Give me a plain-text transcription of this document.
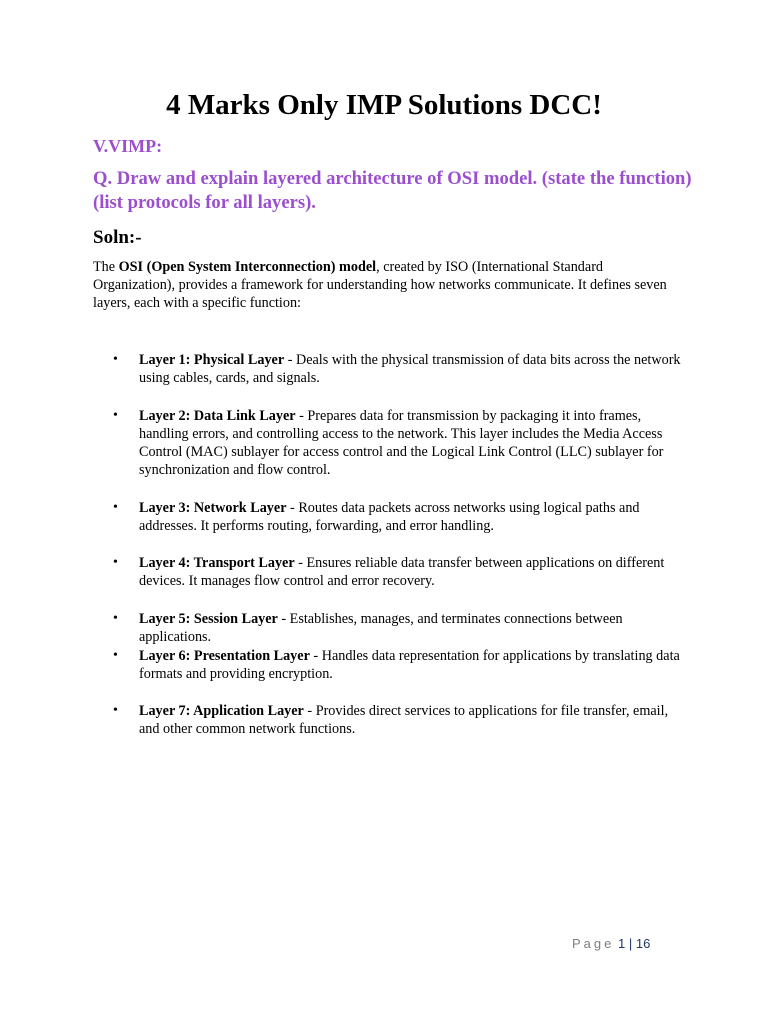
4 Marks Only IMP Solutions DCC!
V.VIMP:
Q. Draw and explain layered architecture of OSI model. (state the function) (list protocols for all layers).
Soln:-
The OSI (Open System Interconnection) model, created by ISO (International Standard Organization), provides a framework for understanding how networks communicate. It defines seven layers, each with a specific function:
•	Layer 1: Physical Layer - Deals with the physical transmission of data bits across the network using cables, cards, and signals.
•	Layer 2: Data Link Layer - Prepares data for transmission by packaging it into frames, handling errors, and controlling access to the network. This layer includes the Media Access Control (MAC) sublayer for access control and the Logical Link Control (LLC) sublayer for synchronization and flow control.
•	Layer 3: Network Layer - Routes data packets across networks using logical paths and addresses. It performs routing, forwarding, and error handling.
•	Layer 4: Transport Layer - Ensures reliable data transfer between applications on different devices. It manages flow control and error recovery.
•	Layer 5: Session Layer - Establishes, manages, and terminates connections between applications.
•	Layer 6: Presentation Layer - Handles data representation for applications by translating data formats and providing encryption.
•	Layer 7: Application Layer - Provides direct services to applications for file transfer, email, and other common network functions.
Page 1 | 16
